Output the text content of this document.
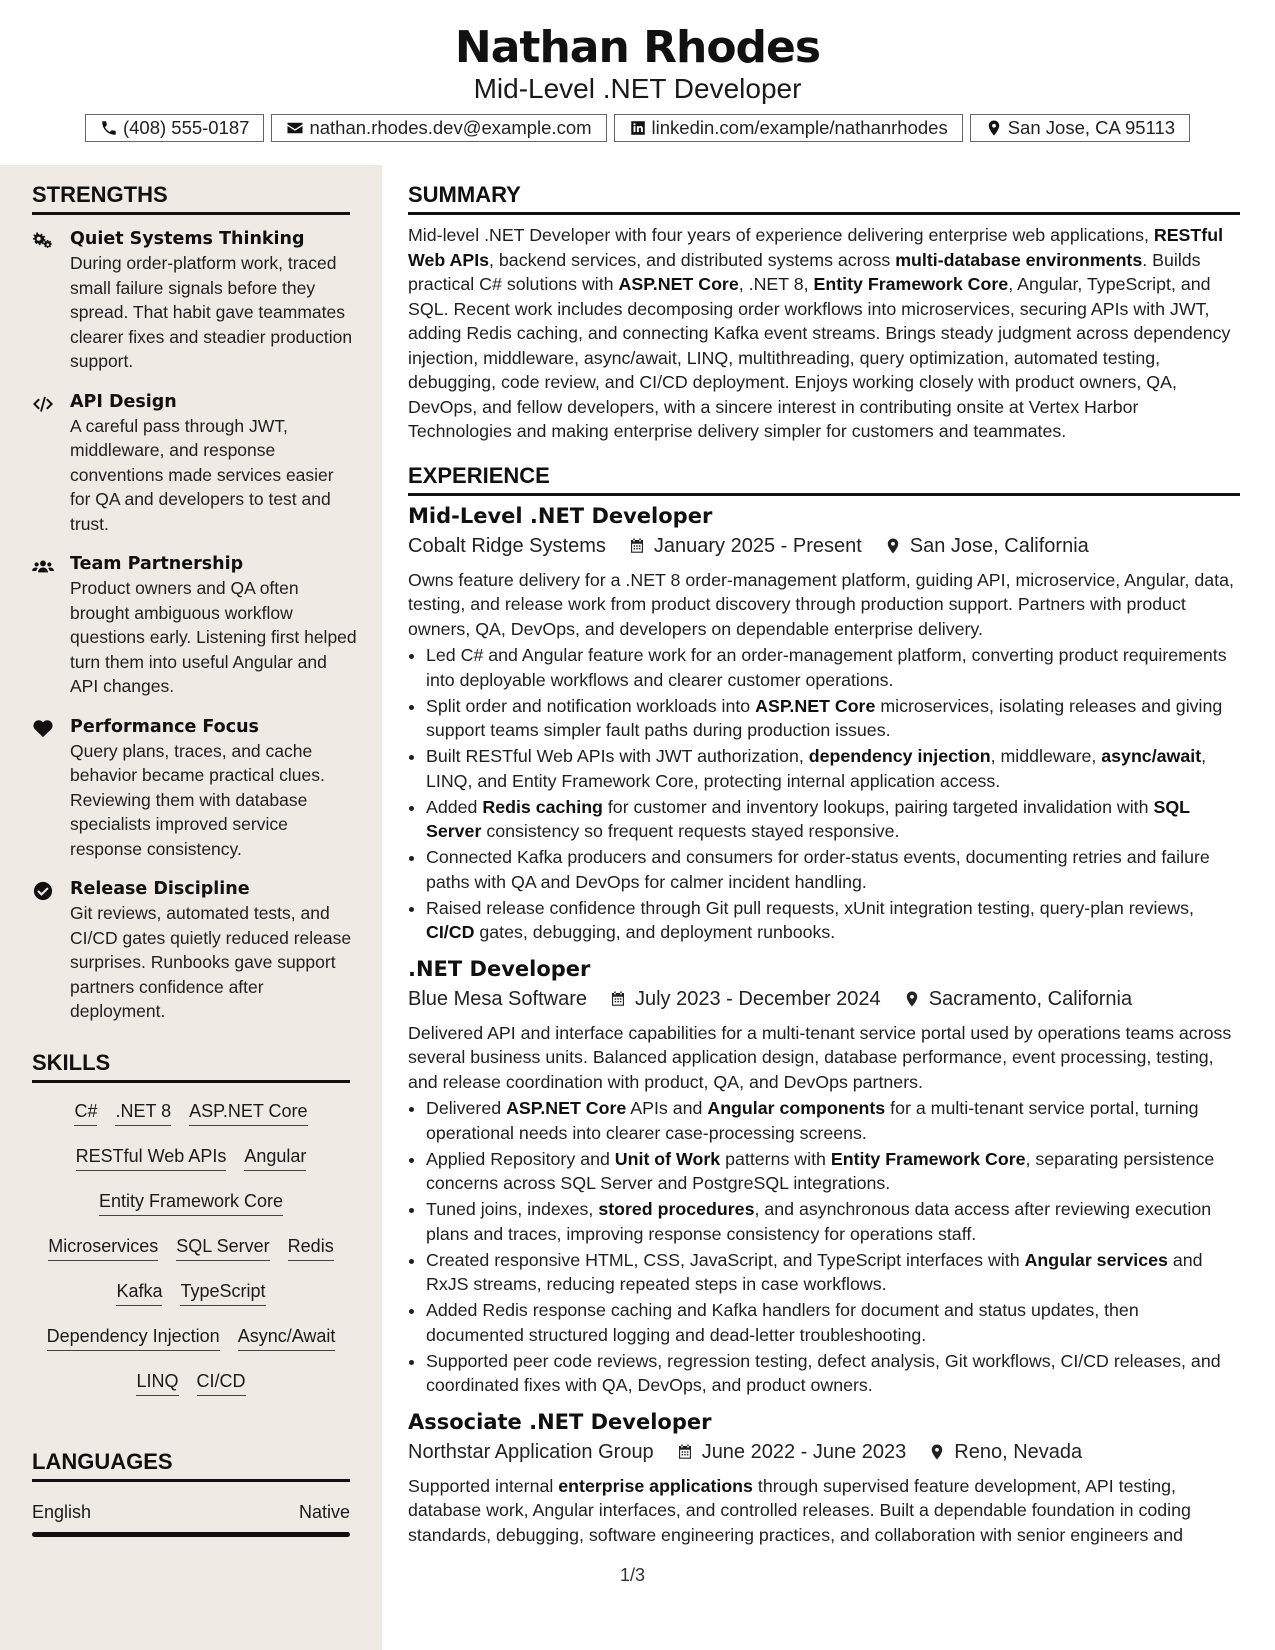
Nathan Rhodes
Mid-Level .NET Developer
(408) 555-0187	nathan.rhodes.dev@example.com	linkedin.com/example/nathanrhodes	San Jose, CA 95113
STRENGTHS
Quiet Systems Thinking
During order-platform work, traced small failure signals before they spread. That habit gave teammates clearer fixes and steadier production support.
API Design
A careful pass through JWT, middleware, and response conventions made services easier for QA and developers to test and trust.
Team Partnership
Product owners and QA often brought ambiguous workflow questions early. Listening first helped turn them into useful Angular and API changes.
Performance Focus
Query plans, traces, and cache behavior became practical clues. Reviewing them with database specialists improved service response consistency.
Release Discipline
Git reviews, automated tests, and CI/CD gates quietly reduced release surprises. Runbooks gave support partners confidence after deployment.
SKILLS
C# .NET 8 ASP.NET Core
RESTful Web APIs Angular
Entity Framework Core
Microservices SQL Server Redis
Kafka TypeScript
Dependency Injection Async/Await
LINQ CI/CD
LANGUAGES
English	Native
SUMMARY
Mid-level .NET Developer with four years of experience delivering enterprise web applications, RESTful Web APIs, backend services, and distributed systems across multi-database environments. Builds practical C# solutions with ASP.NET Core, .NET 8, Entity Framework Core, Angular, TypeScript, and SQL. Recent work includes decomposing order workflows into microservices, securing APIs with JWT, adding Redis caching, and connecting Kafka event streams. Brings steady judgment across dependency injection, middleware, async/await, LINQ, multithreading, query optimization, automated testing, debugging, code review, and CI/CD deployment. Enjoys working closely with product owners, QA, DevOps, and fellow developers, with a sincere interest in contributing onsite at Vertex Harbor Technologies and making enterprise delivery simpler for customers and teammates.
EXPERIENCE
Mid-Level .NET Developer
Cobalt Ridge Systems January 2025 - Present San Jose, California
Owns feature delivery for a .NET 8 order-management platform, guiding API, microservice, Angular, data, testing, and release work from product discovery through production support. Partners with product owners, QA, DevOps, and developers on dependable enterprise delivery.
• Led C# and Angular feature work for an order-management platform, converting product requirements into deployable workflows and clearer customer operations.
• Split order and notification workloads into ASP.NET Core microservices, isolating releases and giving support teams simpler fault paths during production issues.
• Built RESTful Web APIs with JWT authorization, dependency injection, middleware, async/await, LINQ, and Entity Framework Core, protecting internal application access.
• Added Redis caching for customer and inventory lookups, pairing targeted invalidation with SQL Server consistency so frequent requests stayed responsive.
• Connected Kafka producers and consumers for order-status events, documenting retries and failure paths with QA and DevOps for calmer incident handling.
• Raised release confidence through Git pull requests, xUnit integration testing, query-plan reviews, CI/CD gates, debugging, and deployment runbooks.
.NET Developer
Blue Mesa Software July 2023 - December 2024 Sacramento, California
Delivered API and interface capabilities for a multi-tenant service portal used by operations teams across several business units. Balanced application design, database performance, event processing, testing, and release coordination with product, QA, and DevOps partners.
• Delivered ASP.NET Core APIs and Angular components for a multi-tenant service portal, turning operational needs into clearer case-processing screens.
• Applied Repository and Unit of Work patterns with Entity Framework Core, separating persistence concerns across SQL Server and PostgreSQL integrations.
• Tuned joins, indexes, stored procedures, and asynchronous data access after reviewing execution plans and traces, improving response consistency for operations staff.
• Created responsive HTML, CSS, JavaScript, and TypeScript interfaces with Angular services and RxJS streams, reducing repeated steps in case workflows.
• Added Redis response caching and Kafka handlers for document and status updates, then documented structured logging and dead-letter troubleshooting.
• Supported peer code reviews, regression testing, defect analysis, Git workflows, CI/CD releases, and coordinated fixes with QA, DevOps, and product owners.
Associate .NET Developer
Northstar Application Group June 2022 - June 2023 Reno, Nevada
Supported internal enterprise applications through supervised feature development, API testing, database work, Angular interfaces, and controlled releases. Built a dependable foundation in coding standards, debugging, software engineering practices, and collaboration with senior engineers and
1/3
